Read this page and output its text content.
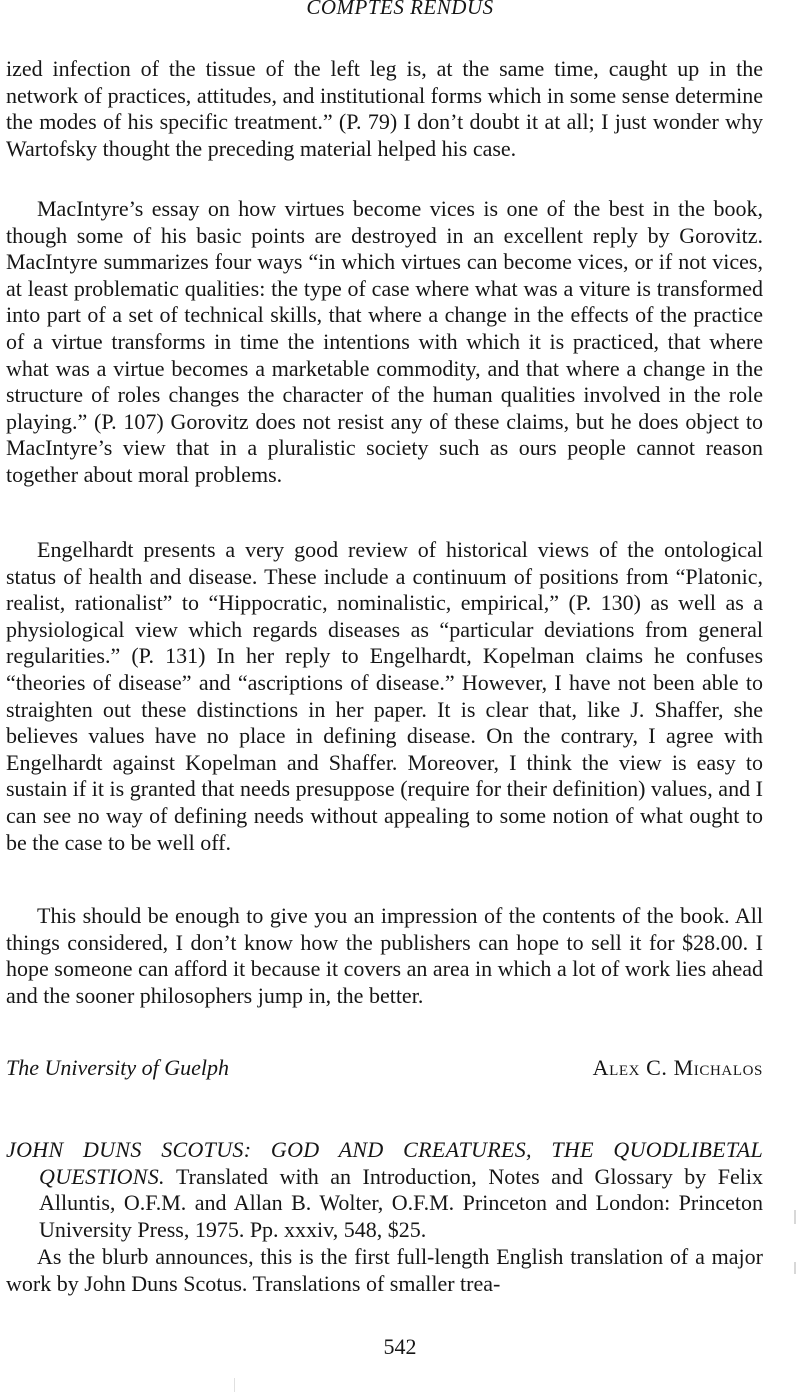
COMPTES RENDUS

ized infection of the tissue of the left leg is, at the same time, caught up in the network of practices, attitudes, and institutional forms which in some sense determine the modes of his specific treatment.” (P. 79) I don’t doubt it at all; I just wonder why Wartofsky thought the preceding material helped his case.

MacIntyre’s essay on how virtues become vices is one of the best in the book, though some of his basic points are destroyed in an excellent reply by Gorovitz. MacIntyre summarizes four ways “in which virtues can become vices, or if not vices, at least problematic qualities: the type of case where what was a viture is transformed into part of a set of technical skills, that where a change in the effects of the practice of a virtue transforms in time the intentions with which it is practiced, that where what was a virtue becomes a marketable commodity, and that where a change in the structure of roles changes the character of the human qualities involved in the role playing.” (P. 107) Gorovitz does not resist any of these claims, but he does object to MacIntyre’s view that in a pluralistic society such as ours people cannot reason together about moral problems.

Engelhardt presents a very good review of historical views of the ontological status of health and disease. These include a continuum of positions from “Platonic, realist, rationalist” to “Hippocratic, nominalistic, empirical,” (P. 130) as well as a physiological view which regards diseases as “particular deviations from general regularities.” (P. 131) In her reply to Engelhardt, Kopelman claims he confuses “theories of disease” and “ascriptions of disease.” However, I have not been able to straighten out these distinctions in her paper. It is clear that, like J. Shaffer, she believes values have no place in defining disease. On the contrary, I agree with Engelhardt against Kopelman and Shaffer. Moreover, I think the view is easy to sustain if it is granted that needs presuppose (require for their definition) values, and I can see no way of defining needs without appealing to some notion of what ought to be the case to be well off.

This should be enough to give you an impression of the contents of the book. All things considered, I don’t know how the publishers can hope to sell it for $28.00. I hope someone can afford it because it covers an area in which a lot of work lies ahead and the sooner philosophers jump in, the better.

The University of Guelph	Alex C. Michalos
JOHN DUNS SCOTUS: GOD AND CREATURES, THE QUODLIBETAL QUESTIONS. Translated with an Introduction, Notes and Glossary by Felix Alluntis, O.F.M. and Allan B. Wolter, O.F.M. Princeton and London: Princeton University Press, 1975. Pp. xxxiv, 548, $25.

As the blurb announces, this is the first full-length English translation of a major work by John Duns Scotus. Translations of smaller trea-

542
